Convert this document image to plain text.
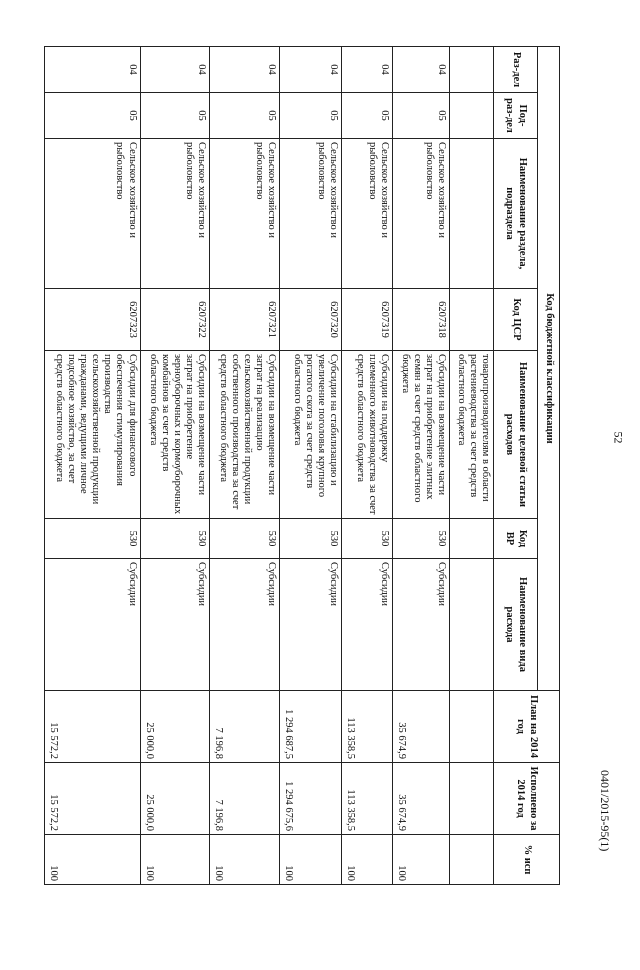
52
Код бюджетной классификации							План на 2014 год	Исполнено за 2014 год	% исп
Раз-дел	Под-раз-дел	Наименование раздела, подраздела	Код ЦСР	Наименование целевой статьи расходов	Код ВР	Наименование вида расхода			
				товаропроизводителям в области растениеводства за счет средств областного бюджета					
04	05	Сельское хозяйство и рыболовство	6207318	Субсидии на возмещение части затрат на приобретение элитных семян за счет средств областного бюджета	530	Субсидии	35 674,9	35 674,9	100
04	05	Сельское хозяйство и рыболовство	6207319	Субсидии на поддержку племенного животноводства за счет средств областного бюджета	530	Субсидии	113 358,5	113 358,5	100
04	05	Сельское хозяйство и рыболовство	6207320	Субсидии на стабилизацию и увеличение поголовья крупного рогатого скота за счет средств областного бюджета	530	Субсидии	1 294 687,5	1 294 675,6	100
04	05	Сельское хозяйство и рыболовство	6207321	Субсидии на возмещение части затрат на реализацию сельскохозяйственной продукции собственного производства за счет средств областного бюджета	530	Субсидии	7 196,8	7 196,8	100
04	05	Сельское хозяйство и рыболовство	6207322	Субсидии на возмещение части затрат на приобретение зерноуборочных и кормоуборочных комбайнов за счет средств областного бюджета	530	Субсидии	25 000,0	25 000,0	100
04	05	Сельское хозяйство и рыболовство	6207323	Субсидии для финансового обеспечения стимулирования производства сельскохозяйственной продукции гражданами, ведущими личное подсобное хозяйство, за счет средств областного бюджета	530	Субсидии	15 572,2	15 572,2	100
0401/2015-95(1)
